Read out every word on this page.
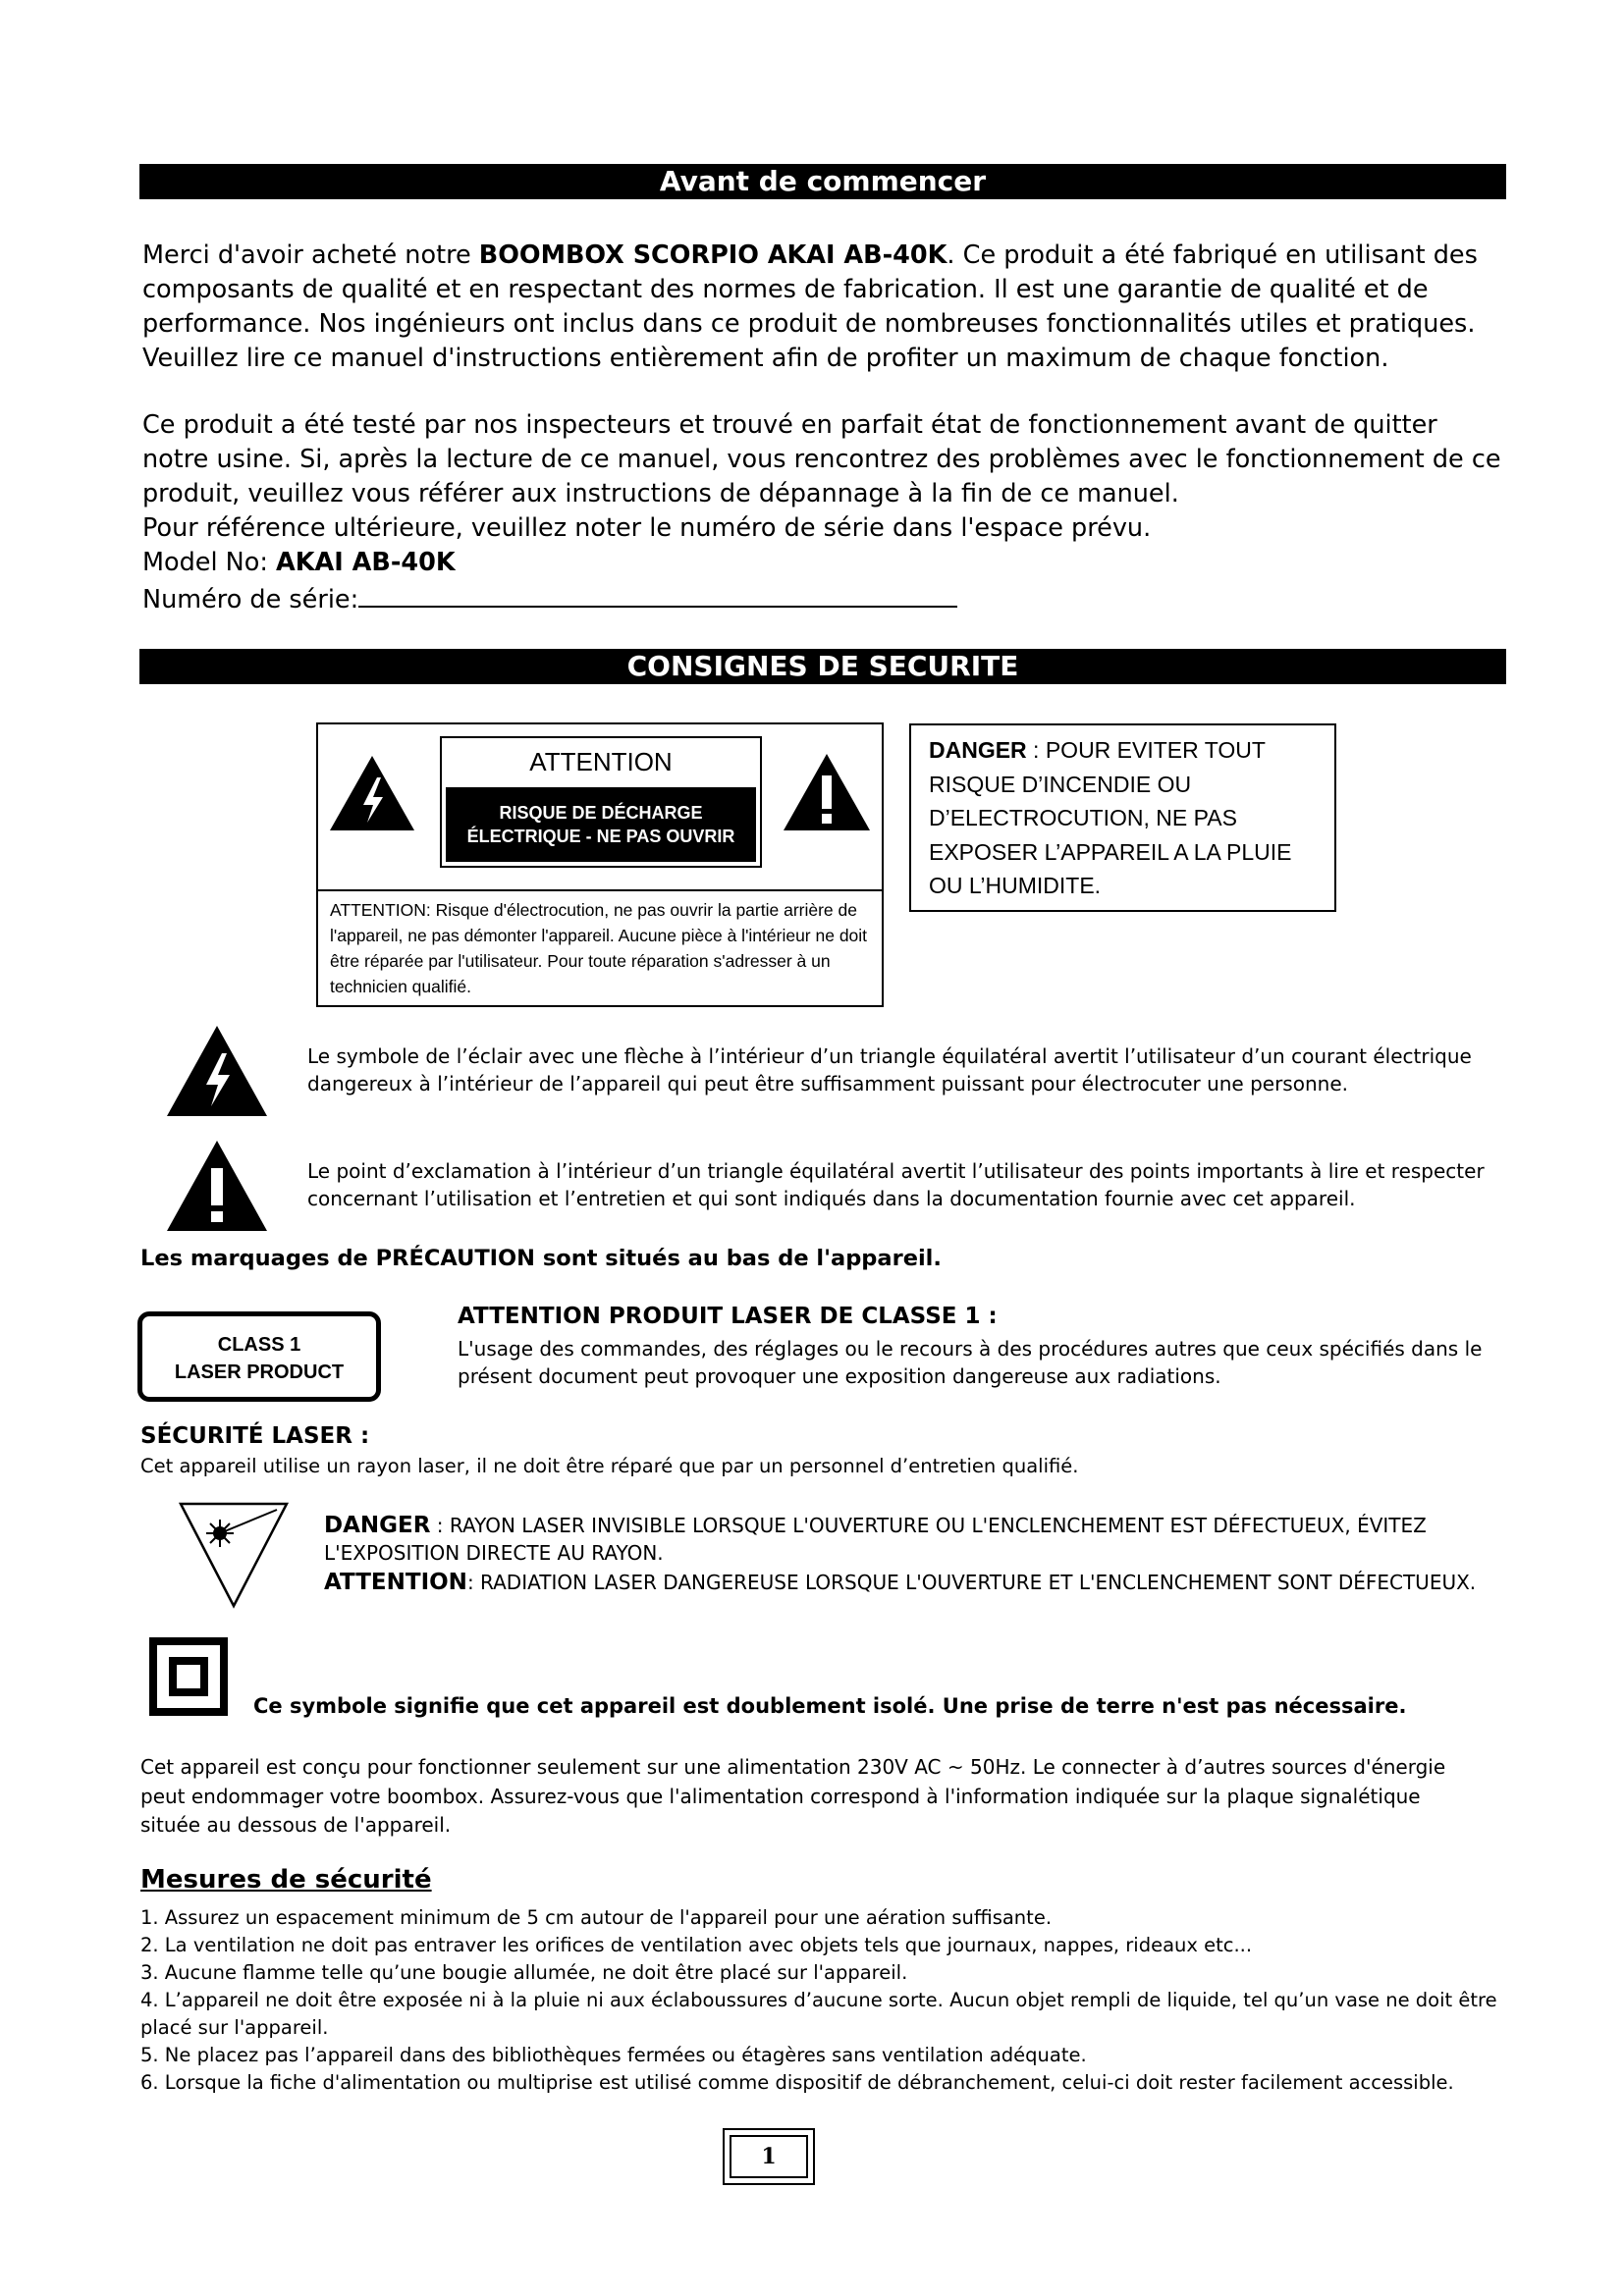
Avant de commencer

Merci d'avoir acheté notre BOOMBOX SCORPIO AKAI AB-40K. Ce produit a été fabriqué en utilisant des composants de qualité et en respectant des normes de fabrication. Il est une garantie de qualité et de performance. Nos ingénieurs ont inclus dans ce produit de nombreuses fonctionnalités utiles et pratiques. Veuillez lire ce manuel d'instructions entièrement afin de profiter un maximum de chaque fonction.

Ce produit a été testé par nos inspecteurs et trouvé en parfait état de fonctionnement avant de quitter notre usine. Si, après la lecture de ce manuel, vous rencontrez des problèmes avec le fonctionnement de ce produit, veuillez vous référer aux instructions de dépannage à la fin de ce manuel.

Pour référence ultérieure, veuillez noter le numéro de série dans l'espace prévu.

Model No: AKAI AB-40K

Numéro de série:

CONSIGNES DE SECURITE
ATTENTION
RISQUE DE DÉCHARGE
ÉLECTRIQUE - NE PAS OUVRIR
ATTENTION: Risque d'électrocution, ne pas ouvrir la partie arrière de l'appareil, ne pas démonter l'appareil. Aucune pièce à l'intérieur ne doit être réparée par l'utilisateur. Pour toute réparation s'adresser à un technicien qualifié.
DANGER : POUR EVITER TOUT RISQUE D’INCENDIE OU D’ELECTROCUTION, NE PAS EXPOSER L’APPAREIL A LA PLUIE OU L’HUMIDITE.
Le symbole de l’éclair avec une flèche à l’intérieur d’un triangle équilatéral avertit l’utilisateur d’un courant électrique dangereux à l’intérieur de l’appareil qui peut être suffisamment puissant pour électrocuter une personne.
Le point d’exclamation à l’intérieur d’un triangle équilatéral avertit l’utilisateur des points importants à lire et respecter concernant l’utilisation et l’entretien et qui sont indiqués dans la documentation fournie avec cet appareil.
Les marquages de PRÉCAUTION sont situés au bas de l'appareil.
CLASS 1
LASER PRODUCT
ATTENTION PRODUIT LASER DE CLASSE 1 :
L'usage des commandes, des réglages ou le recours à des procédures autres que ceux spécifiés dans le présent document peut provoquer une exposition dangereuse aux radiations.
SÉCURITÉ LASER :
Cet appareil utilise un rayon laser, il ne doit être réparé que par un personnel d’entretien qualifié.
DANGER : RAYON LASER INVISIBLE LORSQUE L'OUVERTURE OU L'ENCLENCHEMENT EST DÉFECTUEUX, ÉVITEZ L'EXPOSITION DIRECTE AU RAYON.
ATTENTION: RADIATION LASER DANGEREUSE LORSQUE L'OUVERTURE ET L'ENCLENCHEMENT SONT DÉFECTUEUX.
Ce symbole signifie que cet appareil est doublement isolé. Une prise de terre n'est pas nécessaire.
Cet appareil est conçu pour fonctionner seulement sur une alimentation 230V AC ~ 50Hz. Le connecter à d’autres sources d'énergie peut endommager votre boombox. Assurez-vous que l'alimentation correspond à l'information indiquée sur la plaque signalétique située au dessous de l'appareil.
Mesures de sécurité

1. Assurez un espacement minimum de 5 cm autour de l'appareil pour une aération suffisante.

2. La ventilation ne doit pas entraver les orifices de ventilation avec objets tels que journaux, nappes, rideaux etc...

3. Aucune flamme telle qu’une bougie allumée, ne doit être placé sur l'appareil.

4. L’appareil ne doit être exposée ni à la pluie ni aux éclaboussures d’aucune sorte. Aucun objet rempli de liquide, tel qu’un vase ne doit être placé sur l'appareil.

5. Ne placez pas l’appareil dans des bibliothèques fermées ou étagères sans ventilation adéquate.

6. Lorsque la fiche d'alimentation ou multiprise est utilisé comme dispositif de débranchement, celui-ci doit rester facilement accessible.

1
